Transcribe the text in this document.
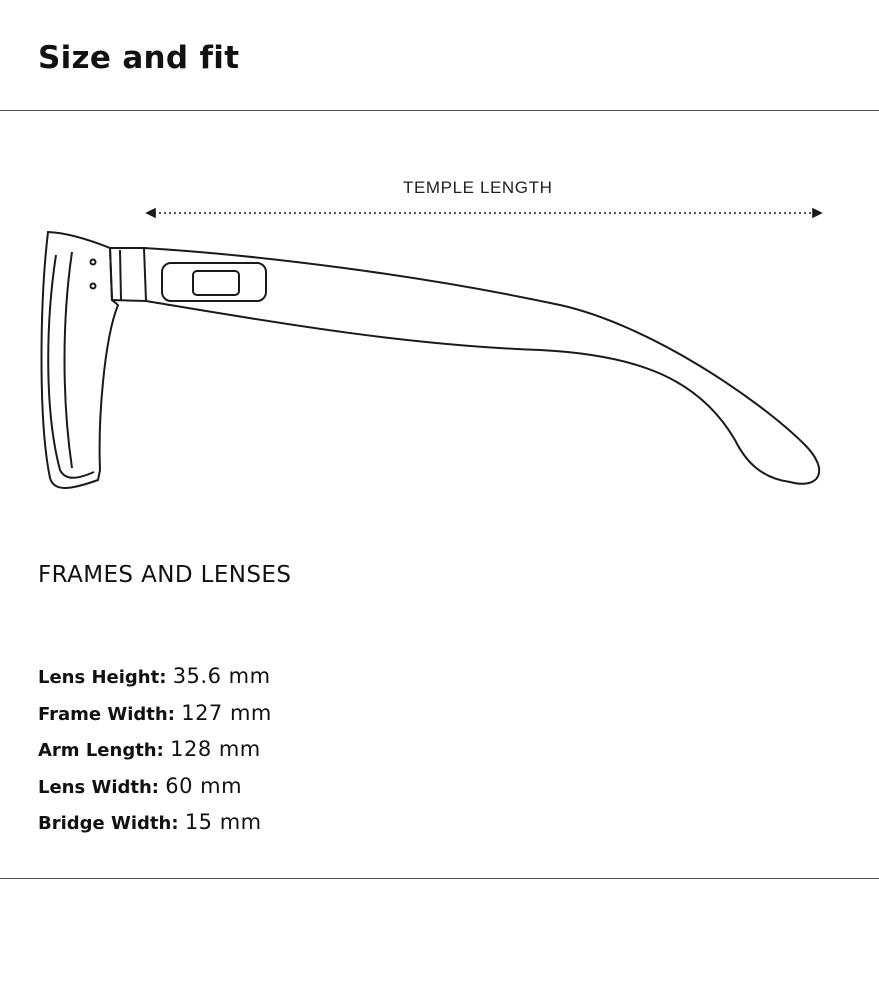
Size and fit
TEMPLE LENGTH
FRAMES AND LENSES
Lens Height: 35.6 mm
Frame Width: 127 mm
Arm Length: 128 mm
Lens Width: 60 mm
Bridge Width: 15 mm
